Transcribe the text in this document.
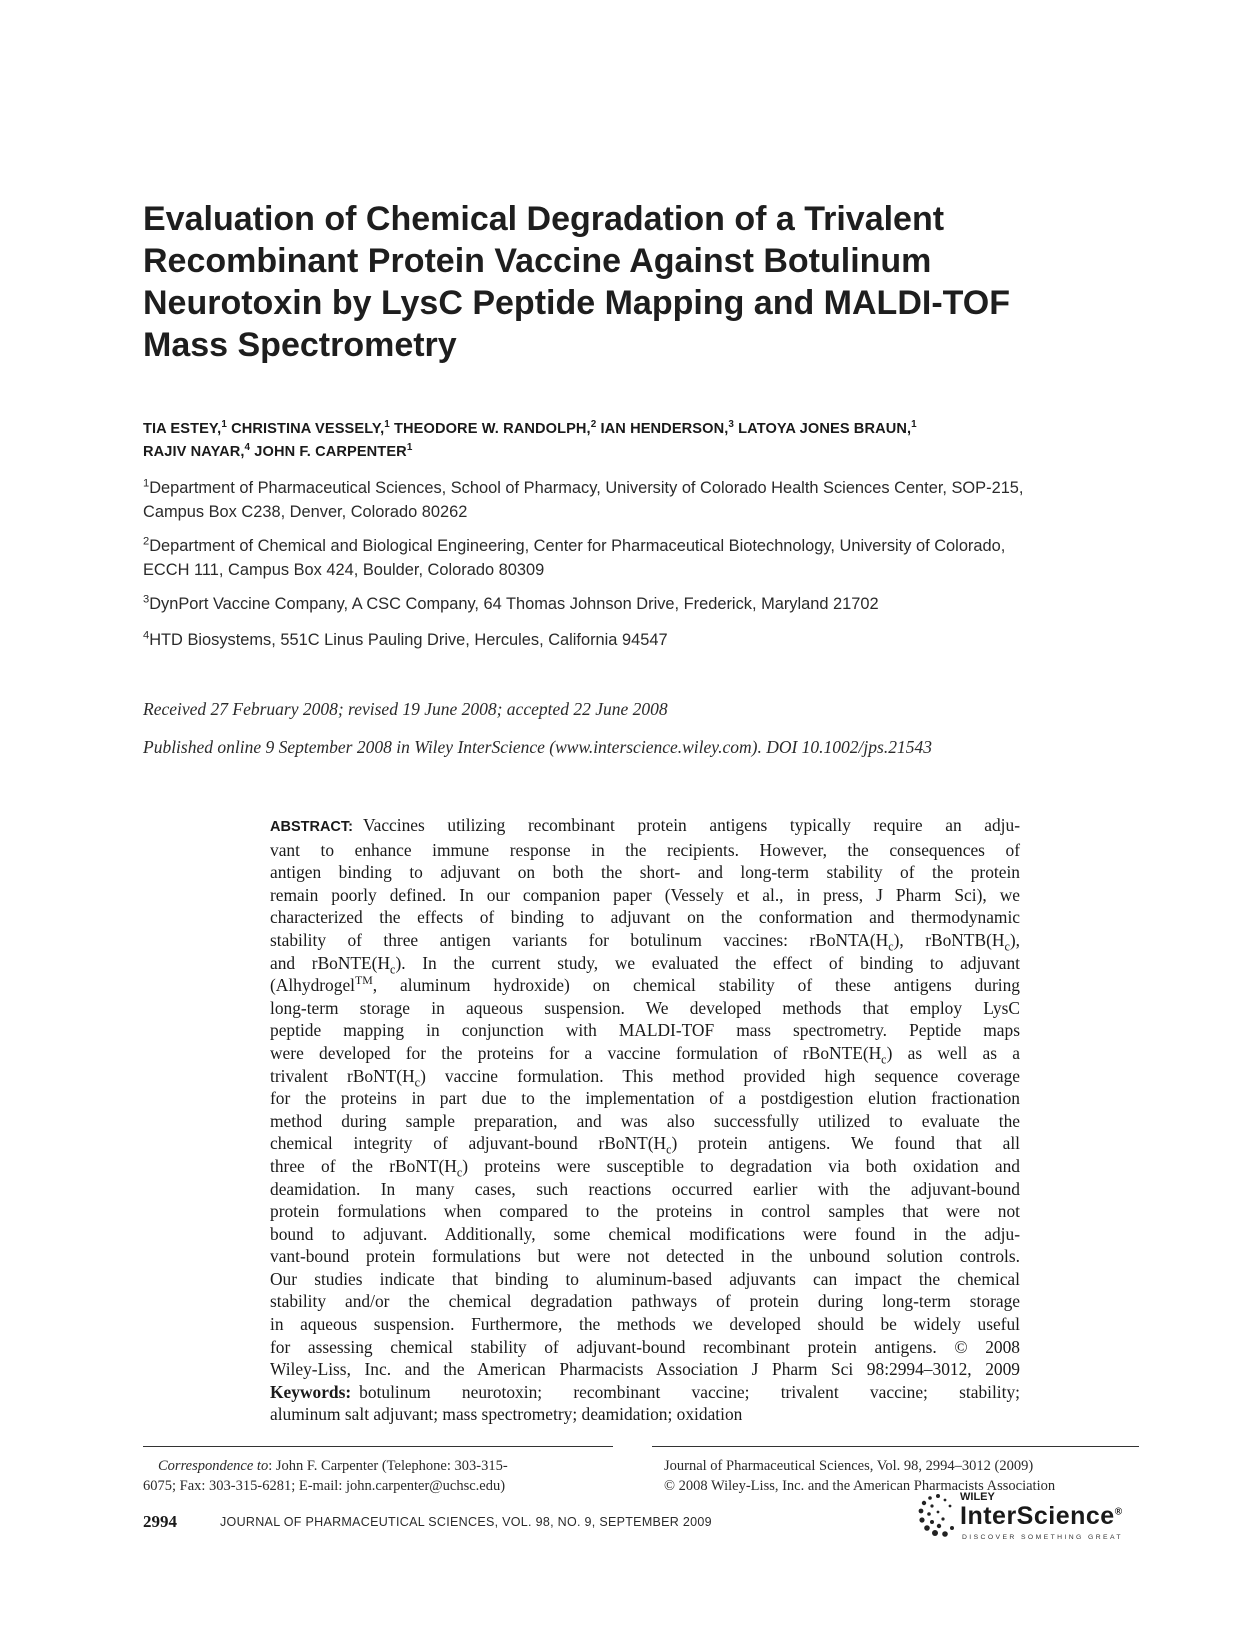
Evaluation of Chemical Degradation of a Trivalent
Recombinant Protein Vaccine Against Botulinum
Neurotoxin by LysC Peptide Mapping and MALDI-TOF
Mass Spectrometry
TIA ESTEY,$^1$ CHRISTINA VESSELY,$^1$ THEODORE W. RANDOLPH,$^2$ IAN HENDERSON,$^3$ LATOYA JONES BRAUN,$^1$
RAJIV NAYAR,$^4$ JOHN F. CARPENTER$^1$
$^1$Department of Pharmaceutical Sciences, School of Pharmacy, University of Colorado Health Sciences Center, SOP-215,
Campus Box C238, Denver, Colorado 80262
$^2$Department of Chemical and Biological Engineering, Center for Pharmaceutical Biotechnology, University of Colorado,
ECCH 111, Campus Box 424, Boulder, Colorado 80309
$^3$DynPort Vaccine Company, A CSC Company, 64 Thomas Johnson Drive, Frederick, Maryland 21702
$^4$HTD Biosystems, 551C Linus Pauling Drive, Hercules, California 94547
Received 27 February 2008; revised 19 June 2008; accepted 22 June 2008
Published online 9 September 2008 in Wiley InterScience (www.interscience.wiley.com). DOI 10.1002/jps.21543
ABSTRACT: Vaccines utilizing recombinant protein antigens typically require an adju-
vant to enhance immune response in the recipients. However, the consequences of
antigen binding to adjuvant on both the short- and long-term stability of the protein
remain poorly defined. In our companion paper (Vessely et al., in press, J Pharm Sci), we
characterized the effects of binding to adjuvant on the conformation and thermodynamic
stability of three antigen variants for botulinum vaccines: $rBoNTA(H_c)$, $rBoNTB(H_c)$,
and $rBoNTE(H_c)$. In the current study, we evaluated the effect of binding to adjuvant
(Alhydrogel™, aluminum hydroxide) on chemical stability of these antigens during
long-term storage in aqueous suspension. We developed methods that employ LysC
peptide mapping in conjunction with MALDI-TOF mass spectrometry. Peptide maps
were developed for the proteins for a vaccine formulation of $rBoNTE(H_c)$ as well as a
trivalent $rBoNT(H_c)$ vaccine formulation. This method provided high sequence coverage
for the proteins in part due to the implementation of a postdigestion elution fractionation
method during sample preparation, and was also successfully utilized to evaluate the
chemical integrity of adjuvant-bound $rBoNT(H_c)$ protein antigens. We found that all
three of the $rBoNT(H_c)$ proteins were susceptible to degradation via both oxidation and
deamidation. In many cases, such reactions occurred earlier with the adjuvant-bound
protein formulations when compared to the proteins in control samples that were not
bound to adjuvant. Additionally, some chemical modifications were found in the adju-
vant-bound protein formulations but were not detected in the unbound solution controls.
Our studies indicate that binding to aluminum-based adjuvants can impact the chemical
stability and/or the chemical degradation pathways of protein during long-term storage
in aqueous suspension. Furthermore, the methods we developed should be widely useful
for assessing chemical stability of adjuvant-bound recombinant protein antigens. © 2008
Wiley-Liss, Inc. and the American Pharmacists Association J Pharm Sci 98:2994–3012, 2009
Keywords: botulinum neurotoxin; recombinant vaccine; trivalent vaccine; stability;
aluminum salt adjuvant; mass spectrometry; deamidation; oxidation
Correspondence to: John F. Carpenter (Telephone: 303-315-
6075; Fax: 303-315-6281; E-mail: john.carpenter@uchsc.edu)
Journal of Pharmaceutical Sciences, Vol. 98, 2994–3012 (2009)
© 2008 Wiley-Liss, Inc. and the American Pharmacists Association
2994	JOURNAL OF PHARMACEUTICAL SCIENCES, VOL. 98, NO. 9, SEPTEMBER 2009
WILEY
InterScience®
DISCOVER SOMETHING GREAT
